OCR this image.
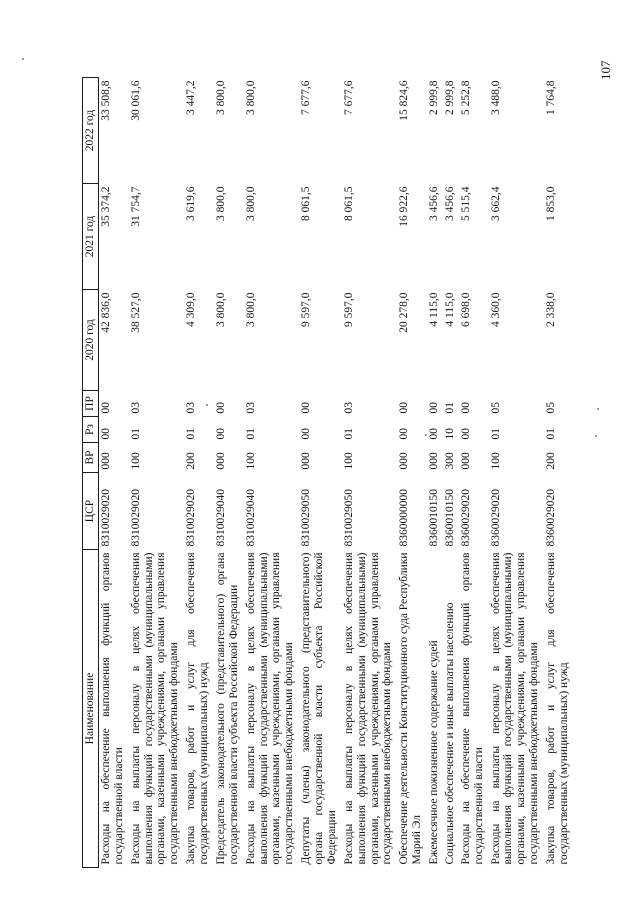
107
Наименование	ЦСР	ВР	Рз	ПР	2020 год	2021 год	2022 год
Расходы на обеспечение выполнения функций органов государственной власти	8310029020	000	00	00	42 836,0	35 374,2	33 508,8
Расходы на выплаты персоналу в целях обеспечения выполнения функций государственными (муниципальными) органами, казенными учреждениями, органами управления государственными внебюджетными фондами	8310029020	100	01	03	38 527,0	31 754,7	30 061,6
Закупка товаров, работ и услуг для обеспечения государственных (муниципальных) нужд	8310029020	200	01	03	4 309,0	3 619,6	3 447,2
Председатель законодательного (представительного) органа государственной власти субъекта Российской Федерации	8310029040	000	00	00	3 800,0	3 800,0	3 800,0
Расходы на выплаты персоналу в целях обеспечения выполнения функций государственными (муниципальными) органами, казенными учреждениями, органами управления государственными внебюджетными фондами	8310029040	100	01	03	3 800,0	3 800,0	3 800,0
Депутаты (члены) законодательного (представительного) органа государственной власти субъекта Российской Федерации	8310029050	000	00	00	9 597,0	8 061,5	7 677,6
Расходы на выплаты персоналу в целях обеспечения выполнения функций государственными (муниципальными) органами, казенными учреждениями, органами управления государственными внебюджетными фондами	8310029050	100	01	03	9 597,0	8 061,5	7 677,6
Обеспечение деятельности Конституционного суда Республики Марий Эл	8360000000	000	00	00	20 278,0	16 922,6	15 824,6
Ежемесячное пожизненное содержание судей	8360010150	000	00	00	4 115,0	3 456,6	2 999,8
Социальное обеспечение и иные выплаты населению	8360010150	300	10	01	4 115,0	3 456,6	2 999,8
Расходы на обеспечение выполнения функций органов государственной власти	8360029020	000	00	00	6 698,0	5 515,4	5 252,8
Расходы на выплаты персоналу в целях обеспечения выполнения функций государственными (муниципальными) органами, казенными учреждениями, органами управления государственными внебюджетными фондами	8360029020	100	01	05	4 360,0	3 662,4	3 488,0
Закупка товаров, работ и услуг для обеспечения государственных (муниципальных) нужд	8360029020	200	01	05	2 338,0	1 853,0	1 764,8
